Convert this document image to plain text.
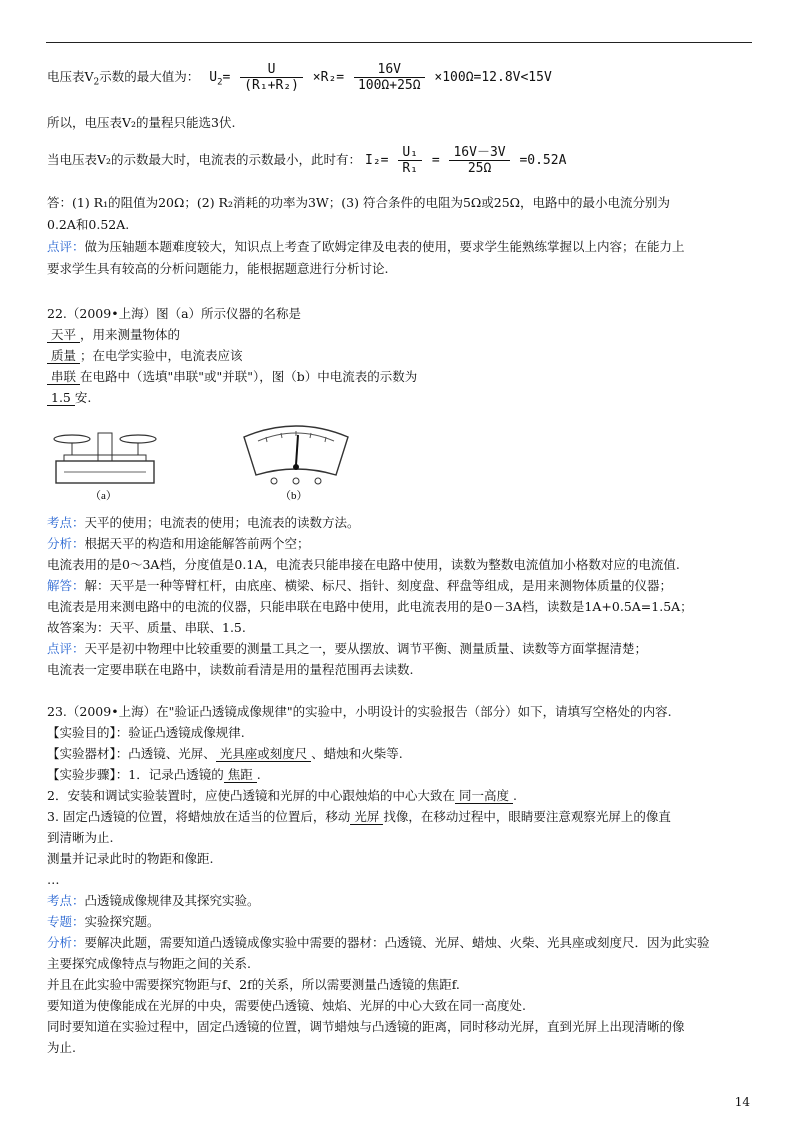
电压表$V_2$示数的最大值为： $U_2= \frac{U}{\text{(R₁+R₂)}} \times R_2= \frac{16V}{100\Omega+25\Omega} \times 100\Omega=12.8V<15V$
所以，电压表V₂的量程只能选3伏.
当电压表V₂的示数最大时，电流表的示数最小，此时有： $I_2= \frac{\text{U₁}}{\text{R₁}} = \frac{16V-3V}{25\Omega} =0.52A$
答：(1) R₁的阻值为20Ω；(2) R₂消耗的功率为3W；(3) 符合条件的电阻为5Ω或25Ω，电路中的最小电流分别为
0.2A和0.52A.
点评：做为压轴题本题难度较大，知识点上考查了欧姆定律及电表的使用，要求学生能熟练掌握以上内容；在能力上
要求学生具有较高的分析问题能力，能根据题意进行分析讨论.
22.（2009•上海）图（a）所示仪器的名称是
天平 ，用来测量物体的
质量 ；在电学实验中，电流表应该
串联 在电路中（选填"串联"或"并联"），图（b）中电流表的示数为
1.5 安.
（a）	（b）
考点：天平的使用；电流表的使用；电流表的读数方法。
分析：根据天平的构造和用途能解答前两个空；
电流表用的是0～3A档，分度值是0.1A，电流表只能串接在电路中使用，读数为整数电流值加小格数对应的电流值.
解答：解：天平是一种等臂杠杆，由底座、横梁、标尺、指针、刻度盘、秤盘等组成，是用来测物体质量的仪器；
电流表是用来测电路中的电流的仪器，只能串联在电路中使用，此电流表用的是0－3A档，读数是1A+0.5A=1.5A；
故答案为：天平、质量、串联、1.5.
点评：天平是初中物理中比较重要的测量工具之一，要从摆放、调节平衡、测量质量、读数等方面掌握清楚；
电流表一定要串联在电路中，读数前看清是用的量程范围再去读数.
23.（2009•上海）在"验证凸透镜成像规律"的实验中，小明设计的实验报告（部分）如下，请填写空格处的内容.
【实验目的】：验证凸透镜成像规律.
【实验器材】：凸透镜、光屏、 光具座或刻度尺 、蜡烛和火柴等.
【实验步骤】：1．记录凸透镜的 焦距 .
2．安装和调试实验装置时，应使凸透镜和光屏的中心跟烛焰的中心大致在 同一高度 .
3. 固定凸透镜的位置，将蜡烛放在适当的位置后，移动 光屏 找像，在移动过程中，眼睛要注意观察光屏上的像直
到清晰为止.
测量并记录此时的物距和像距.
…
考点：凸透镜成像规律及其探究实验。
专题：实验探究题。
分析：要解决此题，需要知道凸透镜成像实验中需要的器材：凸透镜、光屏、蜡烛、火柴、光具座或刻度尺．因为此实验
主要探究成像特点与物距之间的关系.
并且在此实验中需要探究物距与f、2f的关系，所以需要测量凸透镜的焦距f.
要知道为使像能成在光屏的中央，需要使凸透镜、烛焰、光屏的中心大致在同一高度处.
同时要知道在实验过程中，固定凸透镜的位置，调节蜡烛与凸透镜的距离，同时移动光屏，直到光屏上出现清晰的像
为止.
14
